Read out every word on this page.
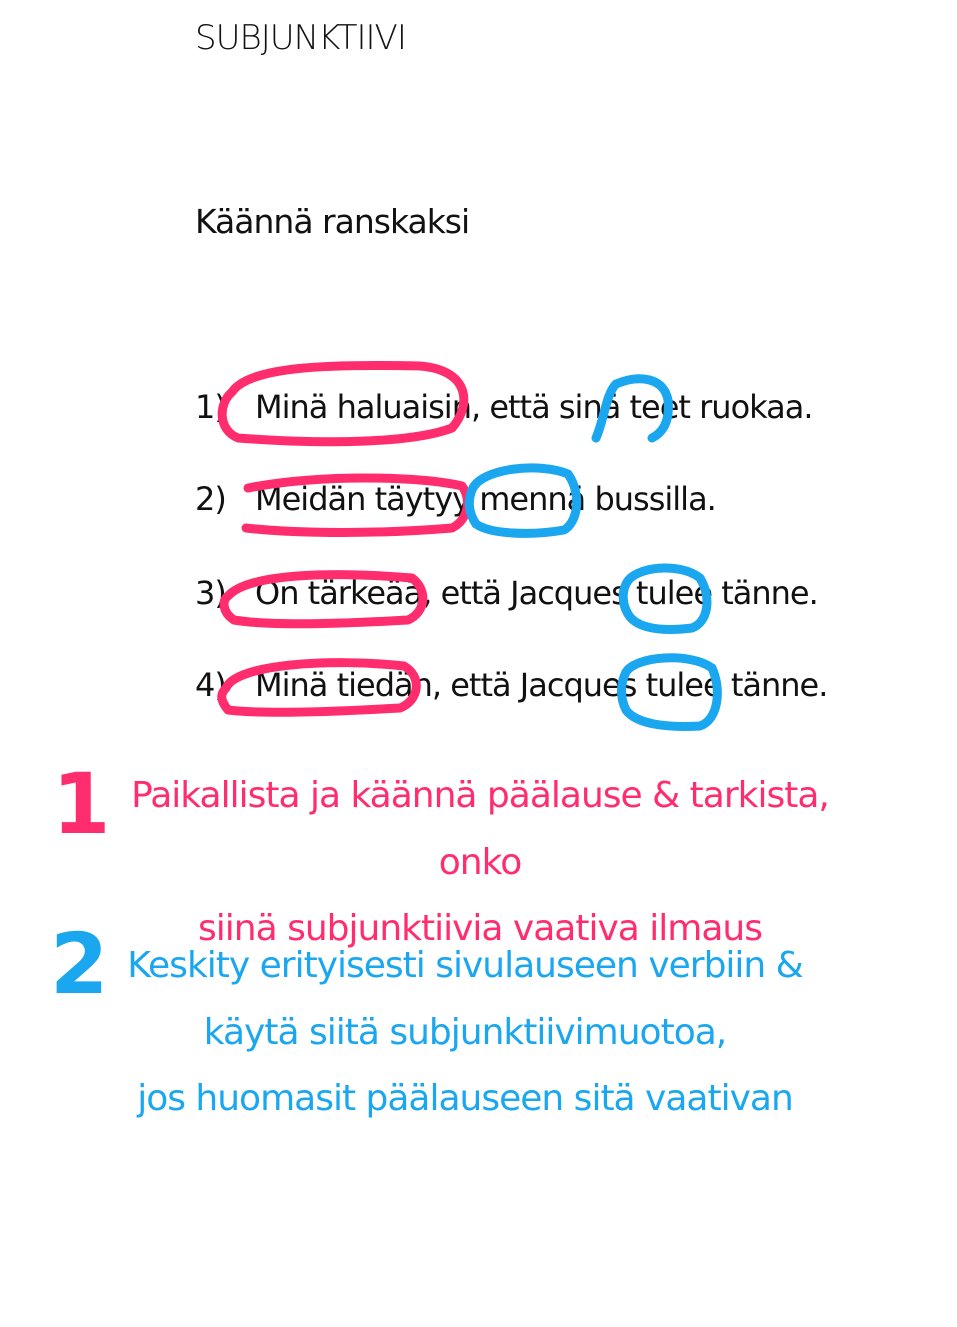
SUBJUNKTIIVI
Käännä ranskaksi
1) Minä haluaisin, että sinä teet ruokaa.
2) Meidän täytyy mennä bussilla.
3) On tärkeää, että Jacques tulee tänne.
4) Minä tiedän, että Jacques tulee tänne.
1 Paikallista ja käännä päälause & tarkista, onko
siinä subjunktiivia vaativa ilmaus
2 Keskity erityisesti sivulauseen verbiin &
käytä siitä subjunktiivimuotoa,
jos huomasit päälauseen sitä vaativan
